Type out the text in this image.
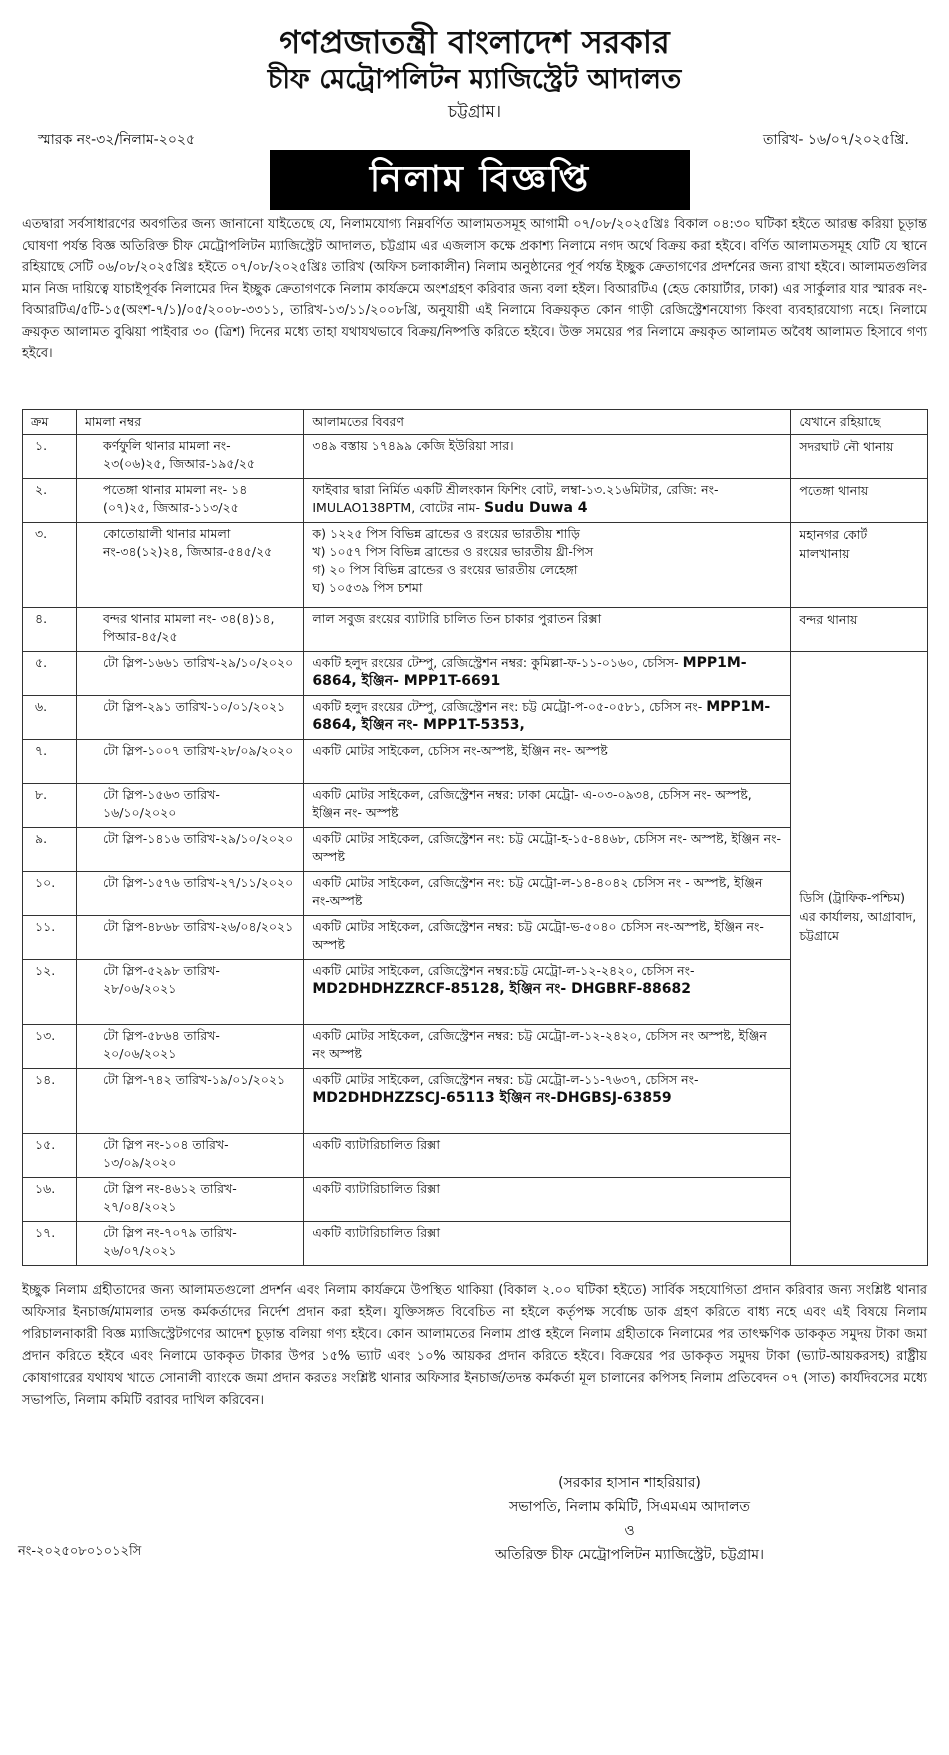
গণপ্রজাতন্ত্রী বাংলাদেশ সরকার
চীফ মেট্রোপলিটন ম্যাজিস্ট্রেট আদালত
চট্টগ্রাম।
স্মারক নং-৩২/নিলাম-২০২৫	তারিখ- ১৬/০৭/২০২৫খ্রি.
নিলাম বিজ্ঞপ্তি
এতদ্বারা সর্বসাধারণের অবগতির জন্য জানানো যাইতেছে যে, নিলামযোগ্য নিম্নবর্ণিত আলামতসমূহ আগামী ০৭/০৮/২০২৫খ্রিঃ বিকাল ০৪:৩০ ঘটিকা হইতে আরম্ভ করিয়া চূড়ান্ত ঘোষণা পর্যন্ত বিজ্ঞ অতিরিক্ত চীফ মেট্রোপলিটন ম্যাজিস্ট্রেট আদালত, চট্টগ্রাম এর এজলাস কক্ষে প্রকাশ্য নিলামে নগদ অর্থে বিক্রয় করা হইবে। বর্ণিত আলামতসমূহ যেটি যে স্থানে রহিয়াছে সেটি ০৬/০৮/২০২৫খ্রিঃ হইতে ০৭/০৮/২০২৫খ্রিঃ তারিখ (অফিস চলাকালীন) নিলাম অনুষ্ঠানের পূর্ব পর্যন্ত ইচ্ছুক ক্রেতাগণের প্রদর্শনের জন্য রাখা হইবে। আলামতগুলির মান নিজ দায়িত্বে যাচাইপূর্বক নিলামের দিন ইচ্ছুক ক্রেতাগণকে নিলাম কার্যক্রমে অংশগ্রহণ করিবার জন্য বলা হইল। বিআরটিএ (হেড কোয়ার্টার, ঢাকা) এর সার্কুলার যার স্মারক নং- বিআরটিএ/৫টি-১৫(অংশ-৭/১)/০৫/২০০৮-৩৩১১, তারিখ-১৩/১১/২০০৮খ্রি, অনুযায়ী এই নিলামে বিক্রয়কৃত কোন গাড়ী রেজিস্ট্রেশনযোগ্য কিংবা ব্যবহারযোগ্য নহে। নিলামে ক্রয়কৃত আলামত বুঝিয়া পাইবার ৩০ (ত্রিশ) দিনের মধ্যে তাহা যথাযথভাবে বিক্রয়/নিষ্পত্তি করিতে হইবে। উক্ত সময়ের পর নিলামে ক্রয়কৃত আলামত অবৈধ আলামত হিসাবে গণ্য হইবে।
ক্রম	মামলা নম্বর	আলামতের বিবরণ	যেখানে রহিয়াছে
১.	কর্ণফুলি থানার মামলা নং- ২৩(০৬)২৫, জিআর-১৯৫/২৫	৩৪৯ বস্তায় ১৭৪৯৯ কেজি ইউরিয়া সার।	সদরঘাট নৌ থানায়
২.	পতেঙ্গা থানার মামলা নং- ১৪ (০৭)২৫, জিআর-১১৩/২৫	ফাইবার দ্বারা নির্মিত একটি শ্রীলংকান ফিশিং বোট, লম্বা-১৩.২১৬মিটার, রেজি: নং-IMULAO138PTM, বোটের নাম- Sudu Duwa 4	পতেঙ্গা থানায়
৩.	কোতোয়ালী থানার মামলা নং-৩৪(১২)২৪, জিআর-৫৪৫/২৫	ক) ১২২৫ পিস বিভিন্ন ব্রান্ডের ও রংয়ের ভারতীয় শাড়ি
খ) ১০৫৭ পিস বিভিন্ন ব্রান্ডের ও রংয়ের ভারতীয় থ্রী-পিস
গ) ২০ পিস বিভিন্ন ব্রান্ডের ও রংয়ের ভারতীয় লেহেঙ্গা
ঘ) ১০৫৩৯ পিস চশমা	মহানগর কোর্ট মালখানায়
৪.	বন্দর থানার মামলা নং- ৩৪(৪)১৪, পিআর-৪৫/২৫	লাল সবুজ রংয়ের ব্যাটারি চালিত তিন চাকার পুরাতন রিক্সা	বন্দর থানায়
৫.	টো স্লিপ-১৬৬১ তারিখ-২৯/১০/২০২০	একটি হলুদ রংয়ের টেম্পু, রেজিস্ট্রেশন নম্বর: কুমিল্লা-ফ-১১-০১৬০, চেসিস- MPP1M-6864, ইঞ্জিন- MPP1T-6691	ডিসি (ট্রাফিক-পশ্চিম) এর কার্যালয়, আগ্রাবাদ, চট্টগ্রামে

৬.	টো স্লিপ-২৯১ তারিখ-১০/০১/২০২১	একটি হলুদ রংয়ের টেম্পু, রেজিস্ট্রেশন নং: চট্ট মেট্রো-প-০৫-০৫৮১, চেসিস নং- MPP1M-6864, ইঞ্জিন নং- MPP1T-5353,	
৭.	টো স্লিপ-১০০৭ তারিখ-২৮/০৯/২০২০	একটি মোটর সাইকেল, চেসিস নং-অস্পষ্ট, ইঞ্জিন নং- অস্পষ্ট	
৮.	টো স্লিপ-১৫৬৩ তারিখ- ১৬/১০/২০২০	একটি মোটর সাইকেল, রেজিস্ট্রেশন নম্বর: ঢাকা মেট্রো- এ-০৩-০৯৩৪, চেসিস নং- অস্পষ্ট, ইঞ্জিন নং- অস্পষ্ট	
৯.	টো স্লিপ-১৪১৬ তারিখ-২৯/১০/২০২০	একটি মোটর সাইকেল, রেজিস্ট্রেশন নং: চট্ট মেট্রো-হ-১৫-৪৪৬৮, চেসিস নং- অস্পষ্ট, ইঞ্জিন নং- অস্পষ্ট	
১০.	টো স্লিপ-১৫৭৬ তারিখ-২৭/১১/২০২০	একটি মোটর সাইকেল, রেজিস্ট্রেশন নং: চট্ট মেট্রো-ল-১৪-৪০৪২ চেসিস নং - অস্পষ্ট, ইঞ্জিন নং-অস্পষ্ট	
১১.	টো স্লিপ-৪৮৬৮ তারিখ-২৬/০৪/২০২১	একটি মোটর সাইকেল, রেজিস্ট্রেশন নম্বর: চট্ট মেট্রো-ভ-৫০৪০ চেসিস নং-অস্পষ্ট, ইঞ্জিন নং- অস্পষ্ট	
১২.	টো স্লিপ-৫২৯৮ তারিখ- ২৮/০৬/২০২১	একটি মোটর সাইকেল, রেজিস্ট্রেশন নম্বর:চট্ট মেট্রো-ল-১২-২৪২০, চেসিস নং- MD2DHDHZZRCF-85128, ইঞ্জিন নং- DHGBRF-88682	
১৩.	টো স্লিপ-৫৮৬৪ তারিখ- ২০/০৬/২০২১	একটি মোটর সাইকেল, রেজিস্ট্রেশন নম্বর: চট্ট মেট্রো-ল-১২-২৪২০, চেসিস নং অস্পষ্ট, ইঞ্জিন নং অস্পষ্ট	
১৪.	টো স্লিপ-৭৪২ তারিখ-১৯/০১/২০২১	একটি মোটর সাইকেল, রেজিস্ট্রেশন নম্বর: চট্ট মেট্রো-ল-১১-৭৬৩৭, চেসিস নং- MD2DHDHZZSCJ-65113 ইঞ্জিন নং-DHGBSJ-63859	
১৫.	টো স্লিপ নং-১০৪ তারিখ- ১৩/০৯/২০২০	একটি ব্যাটারিচালিত রিক্সা	
১৬.	টো স্লিপ নং-৪৬১২ তারিখ- ২৭/০৪/২০২১	একটি ব্যাটারিচালিত রিক্সা	
১৭.	টো স্লিপ নং-৭০৭৯ তারিখ- ২৬/০৭/২০২১	একটি ব্যাটারিচালিত রিক্সা	
ইচ্ছুক নিলাম গ্রহীতাদের জন্য আলামতগুলো প্রদর্শন এবং নিলাম কার্যক্রমে উপস্থিত থাকিয়া (বিকাল ২.০০ ঘটিকা হইতে) সার্বিক সহযোগিতা প্রদান করিবার জন্য সংশ্লিষ্ট থানার অফিসার ইনচার্জ/মামলার তদন্ত কর্মকর্তাদের নির্দেশ প্রদান করা হইল। যুক্তিসঙ্গত বিবেচিত না হইলে কর্তৃপক্ষ সর্বোচ্চ ডাক গ্রহণ করিতে বাধ্য নহে এবং এই বিষয়ে নিলাম পরিচালনাকারী বিজ্ঞ ম্যাজিস্ট্রেটগণের আদেশ চূড়ান্ত বলিয়া গণ্য হইবে। কোন আলামতের নিলাম প্রাপ্ত হইলে নিলাম গ্রহীতাকে নিলামের পর তাৎক্ষণিক ডাককৃত সমুদয় টাকা জমা প্রদান করিতে হইবে এবং নিলামে ডাককৃত টাকার উপর ১৫% ভ্যাট এবং ১০% আয়কর প্রদান করিতে হইবে। বিক্রয়ের পর ডাককৃত সমুদয় টাকা (ভ্যাট-আয়করসহ) রাষ্ট্রীয় কোষাগারের যথাযথ খাতে সোনালী ব্যাংকে জমা প্রদান করতঃ সংশ্লিষ্ট থানার অফিসার ইনচার্জ/তদন্ত কর্মকর্তা মূল চালানের কপিসহ নিলাম প্রতিবেদন ০৭ (সাত) কার্যদিবসের মধ্যে সভাপতি, নিলাম কমিটি বরাবর দাখিল করিবেন।
(সরকার হাসান শাহরিয়ার)
সভাপতি, নিলাম কমিটি, সিএমএম আদালত
ও
অতিরিক্ত চীফ মেট্রোপলিটন ম্যাজিস্ট্রেট, চট্টগ্রাম।
নং-২০২৫০৮০১০১২সি
